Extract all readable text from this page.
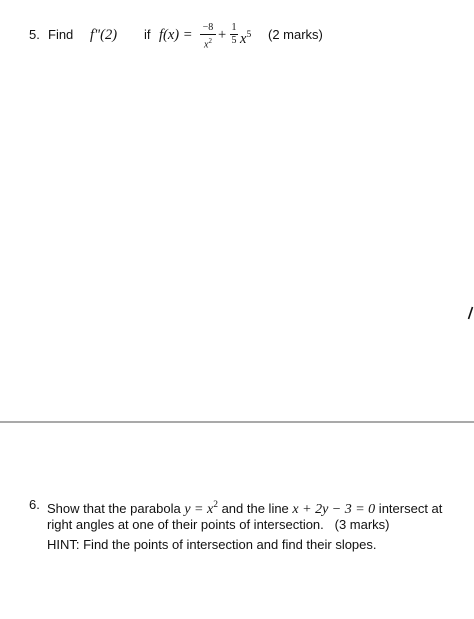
5. Find f"(2) if f(x) = −8
$x^2 + 1$
5 $x^5$ (2 marks)
6. Show that the parabola $y = x^2$ and the line x + 2y − 3 = 0 intersect at
right angles at one of their points of intersection.   (3 marks)
HINT: Find the points of intersection and find their slopes.
